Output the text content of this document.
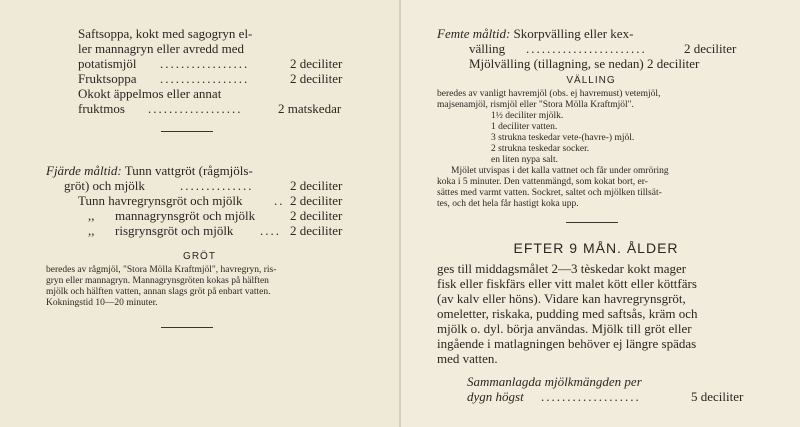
Saftsoppa, kokt med sagogryn el-
ler mannagryn eller avredd med
potatismjöl .................	2 deciliter
Fruktsoppa .................	2 deciliter
Okokt äppelmos eller annat
fruktmos ..................	2 matskedar
Fjärde måltid: Tunn vattgröt (rågmjöls-
gröt) och mjölk	..............	2 deciliter
Tunn havregrynsgröt och mjölk .. 2 deciliter
,, mannagrynsgröt och mjölk	2 deciliter
,, risgrynsgröt och mjölk .... 2 deciliter
GRÖT
beredes av rågmjöl, "Stora Mölla Kraftmjöl", havregryn, ris-
gryn eller mannagryn. Mannagrynsgröten kokas på hälften
mjölk och hälften vatten, annan slags gröt på enbart vatten.
Kokningstid 10—20 minuter.
Femte måltid: Skorpvälling eller kex-
välling .......................	2 deciliter
Mjölvälling (tillagning, se nedan) 2 deciliter
VÄLLING
beredes av vanligt havremjöl (obs. ej havremust) vetemjöl,
majsenamjöl, rismjöl eller "Stora Mölla Kraftmjöl".
1½ deciliter mjölk.
1 deciliter vatten.
3 strukna teskedar vete-(havre-) mjöl.
2 strukna teskedar socker.
en liten nypa salt.
Mjölet utvispas i det kalla vattnet och får under omröring
koka i 5 minuter. Den vattenmängd, som kokat bort, er-
sättes med varmt vatten. Sockret, saltet och mjölken tillsät-
tes, och det hela får hastigt koka upp.
EFTER 9 MÅN. ÅLDER
ges till middagsmålet 2—3 tèskedar kokt mager
fisk eller fiskfärs eller vitt malet kött eller köttfärs
(av kalv eller höns). Vidare kan havregrynsgröt,
omeletter, riskaka, pudding med saftsås, kräm och
mjölk o. dyl. börja användas. Mjölk till gröt eller
ingående i matlagningen behöver ej längre spädas
med vatten.
Sammanlagda mjölkmängden per
dygn högst ...................	5 deciliter
